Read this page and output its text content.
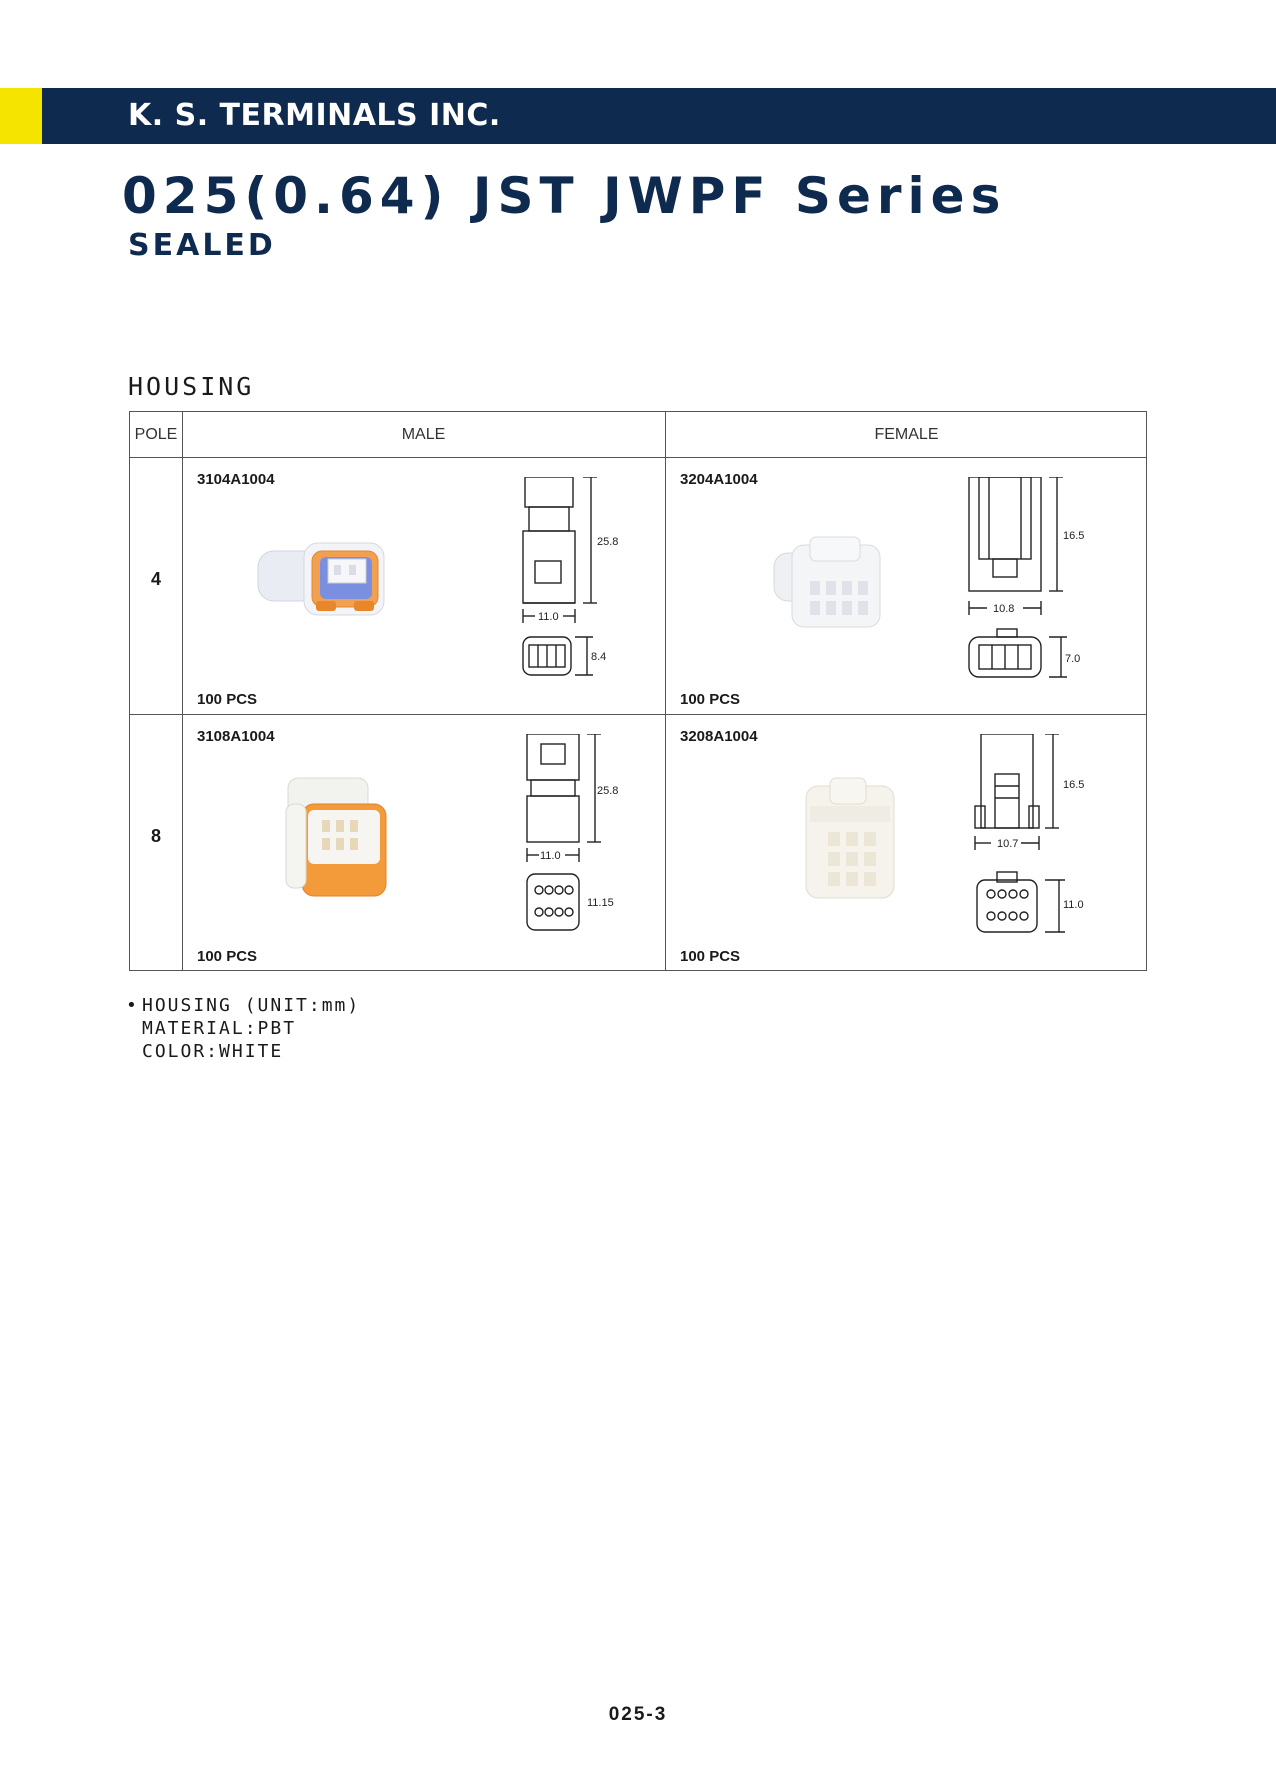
K. S. TERMINALS INC.
025(0.64) JST JWPF Series
SEALED
HOUSING
POLE	MALE	FEMALE
4
8
3104A1004
25.8
11.0
8.4
100 PCS
3204A1004
16.5
10.8
7.0
100 PCS
3108A1004
25.8
11.0
11.15
100 PCS
3208A1004
16.5
10.7
11.0
100 PCS
• HOUSING (UNIT:mm)
MATERIAL:PBT
COLOR:WHITE
025-3
